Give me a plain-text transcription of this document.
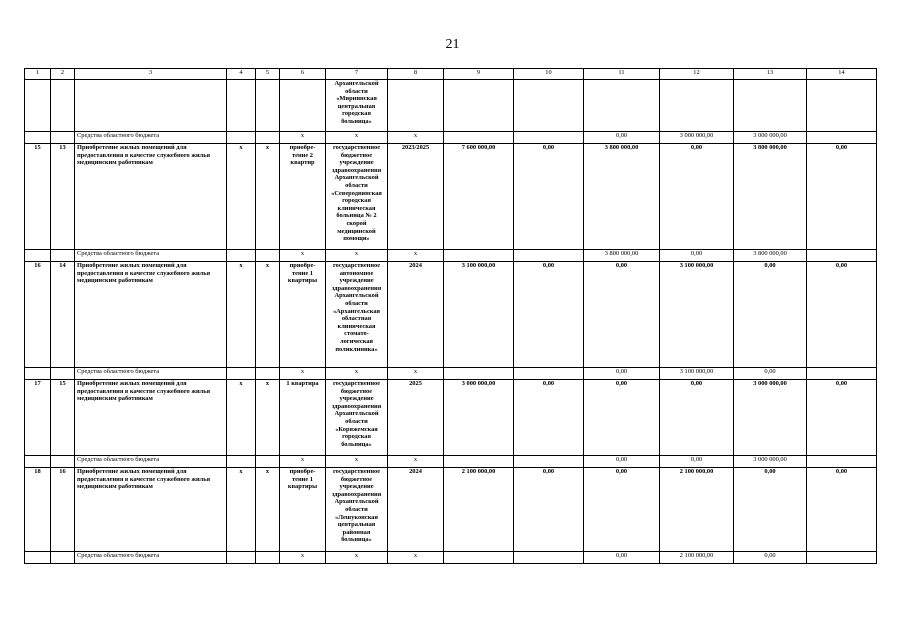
21
1	2	3	4	5	6	7	8	9	10	11	12	13	14
						Архангельской области «Мирнинская центральная городская больница»							
		Средства областного бюджета			x	x	x			0,00	3 000 000,00	3 000 000,00	
15	13	Приобретение жилых помещений для предоставления в качестве служебного жилья медицинским работникам	x	x	приобре-тение 2 квартир	государственное бюджетное учреждение здравоохранения Архангельской области «Северодвинская городская клиническая больница № 2 скорой медицинской помощи»	2023/2025	7 600 000,00	0,00	3 800 000,00	0,00	3 800 000,00	0,00
		Средства областного бюджета			x	x	x			3 800 000,00	0,00	3 800 000,00	
16	14	Приобретение жилых помещений для предоставления в качестве служебного жилья медицинским работникам	x	x	приобре-тение 1 квартиры	государственное автономное учреждение здравоохранения Архангельской области «Архангельская областная клиническая стомато-логическая поликлиника»	2024	3 100 000,00	0,00	0,00	3 100 000,00	0,00	0,00
		Средства областного бюджета			x	x	x			0,00	3 100 000,00	0,00	
17	15	Приобретение жилых помещений для предоставления в качестве служебного жилья медицинским работникам	x	x	1 квартира	государственное бюджетное учреждение здравоохранения Архангельской области «Коряжемская городская больница»	2025	3 000 000,00	0,00	0,00	0,00	3 000 000,00	0,00
		Средства областного бюджета			x	x	x			0,00	0,00	3 000 000,00	
18	16	Приобретение жилых помещений для предоставления в качестве служебного жилья медицинским работникам	x	x	приобре-тение 1 квартиры	государственное бюджетное учреждение здравоохранения Архангельской области «Лешуконская центральная районная больница»	2024	2 100 000,00	0,00	0,00	2 100 000,00	0,00	0,00
		Средства областного бюджета			x	x	x			0,00	2 100 000,00	0,00	
